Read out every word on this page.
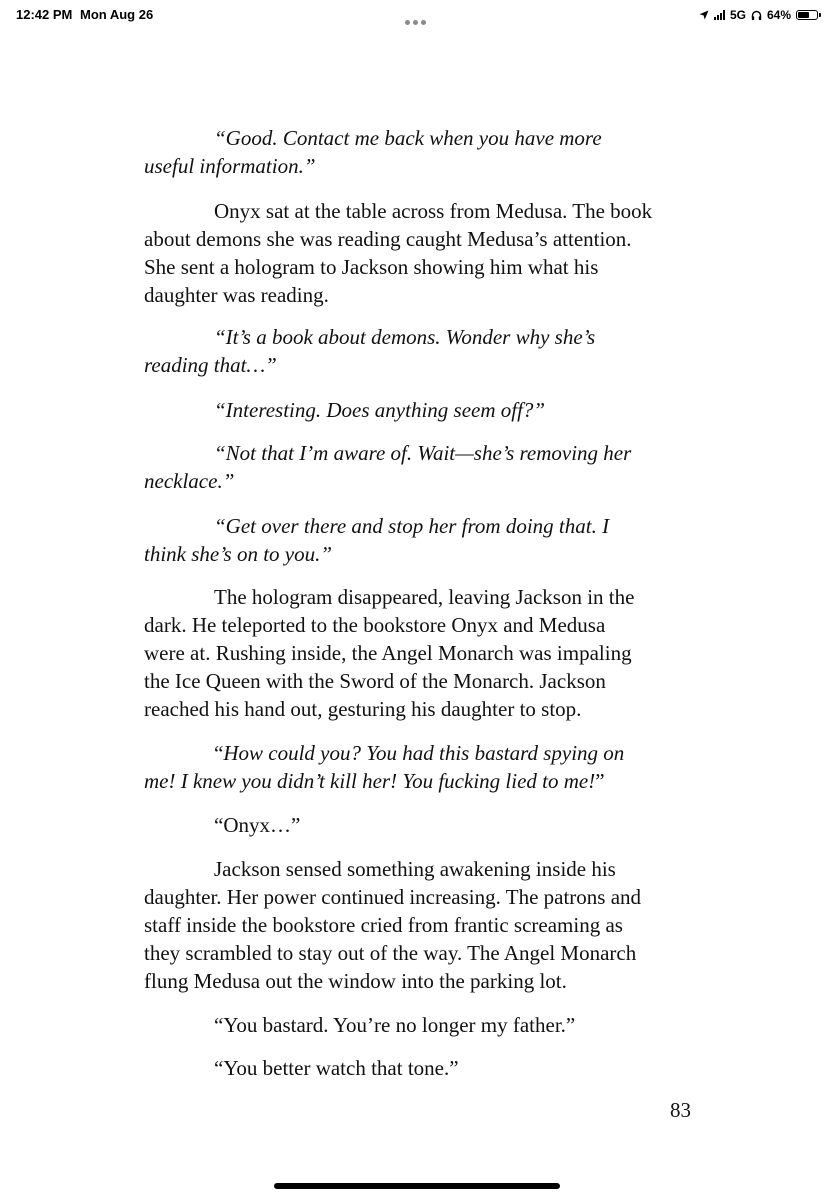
12:42 PM Mon Aug 26	5G 64%

“Good. Contact me back when you have more
useful information.”

Onyx sat at the table across from Medusa. The book
about demons she was reading caught Medusa’s attention.
She sent a hologram to Jackson showing him what his
daughter was reading.

“It’s a book about demons. Wonder why she’s
reading that…”

“Interesting. Does anything seem off?”

“Not that I’m aware of. Wait—she’s removing her
necklace.”

“Get over there and stop her from doing that. I
think she’s on to you.”

The hologram disappeared, leaving Jackson in the
dark. He teleported to the bookstore Onyx and Medusa
were at. Rushing inside, the Angel Monarch was impaling
the Ice Queen with the Sword of the Monarch. Jackson
reached his hand out, gesturing his daughter to stop.

“How could you? You had this bastard spying on
me! I knew you didn’t kill her! You fucking lied to me!”

“Onyx…”

Jackson sensed something awakening inside his
daughter. Her power continued increasing. The patrons and
staff inside the bookstore cried from frantic screaming as
they scrambled to stay out of the way. The Angel Monarch
flung Medusa out the window into the parking lot.

“You bastard. You’re no longer my father.”

“You better watch that tone.”

83
